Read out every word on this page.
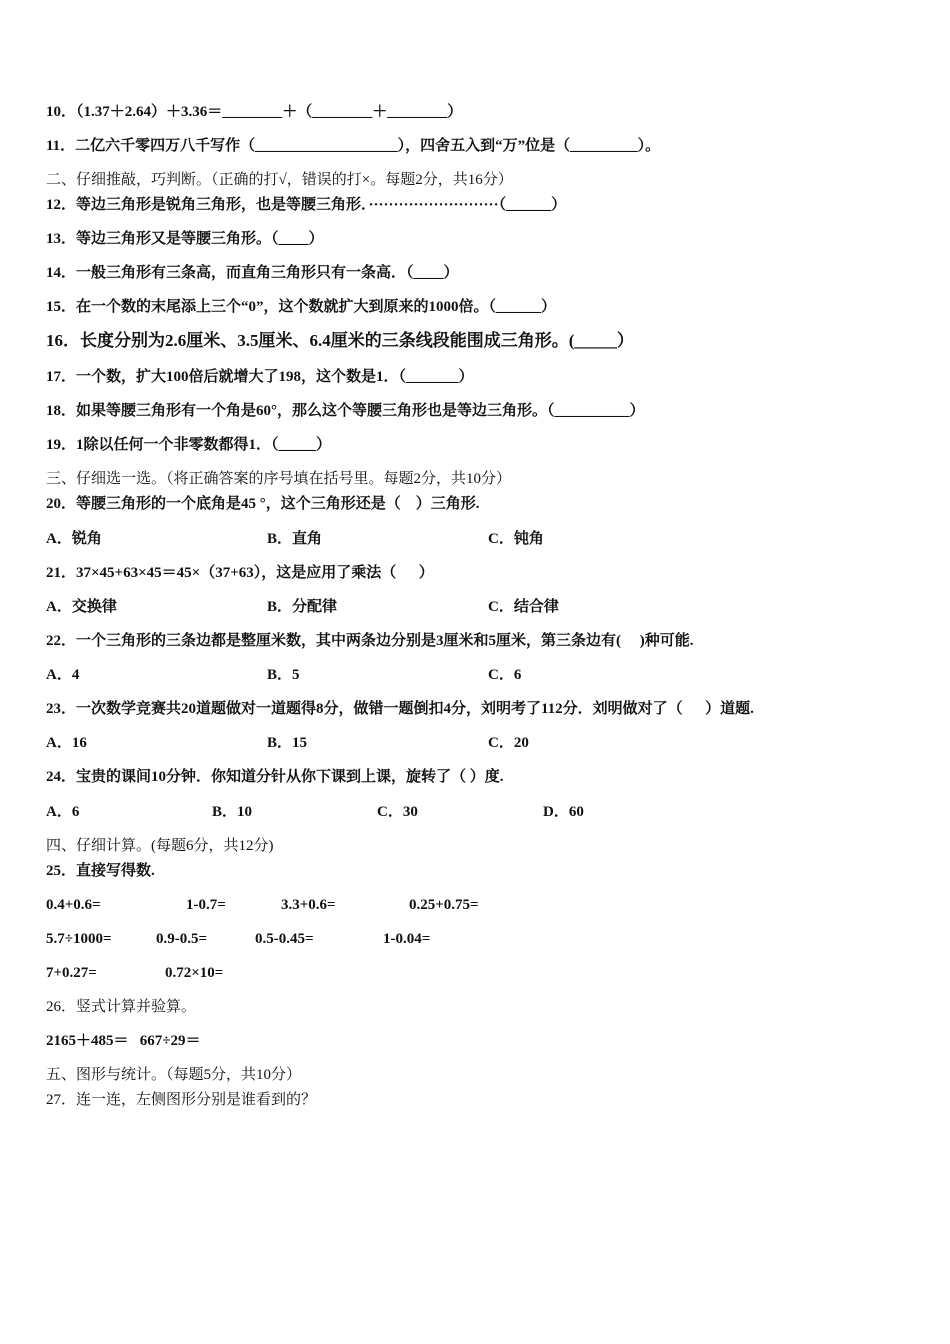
10．（1.37＋2.64）＋3.36＝________＋（________＋________）
11．二亿六千零四万八千写作（___________________），四舍五入到“万”位是（_________）。
二、仔细推敲，巧判断。（正确的打√，错误的打×。每题2分，共16分）
12．等边三角形是锐角三角形，也是等腰三角形．··························（______）
13．等边三角形又是等腰三角形。（____）
14．一般三角形有三条高，而直角三角形只有一条高．（____）
15．在一个数的末尾添上三个“0”，这个数就扩大到原来的1000倍。（______）
16．长度分别为2.6厘米、3.5厘米、6.4厘米的三条线段能围成三角形。(_____）
17．一个数，扩大100倍后就增大了198，这个数是1．（_______）
18．如果等腰三角形有一个角是60°，那么这个等腰三角形也是等边三角形。（__________）
19．1除以任何一个非零数都得1．（_____）
三、仔细选一选。（将正确答案的序号填在括号里。每题2分，共10分）
20．等腰三角形的一个底角是45 °，这个三角形还是（    ）三角形.
A．锐角	B．直角	C．钝角
21．37×45+63×45＝45×（37+63），这是应用了乘法（      ）
A．交换律	B．分配律	C．结合律
22．一个三角形的三条边都是整厘米数，其中两条边分别是3厘米和5厘米，第三条边有(     )种可能.
A．4	B．5	C．6
23．一次数学竞赛共20道题做对一道题得8分，做错一题倒扣4分，刘明考了112分．刘明做对了（      ）道题.
A．16	B．15	C．20
24．宝贵的课间10分钟．你知道分针从你下课到上课，旋转了（ ）度.
A．6	B．10	C．30	D．60
四、仔细计算。(每题6分，共12分)
25．直接写得数.
0.4+0.6=	1-0.7=	3.3+0.6=	0.25+0.75=
5.7÷1000=	0.9-0.5=	0.5-0.45=	1-0.04=
7+0.27=	0.72×10=
26．竖式计算并验算。
2165＋485＝   667÷29＝
五、图形与统计。（每题5分，共10分）
27．连一连，左侧图形分别是谁看到的？
